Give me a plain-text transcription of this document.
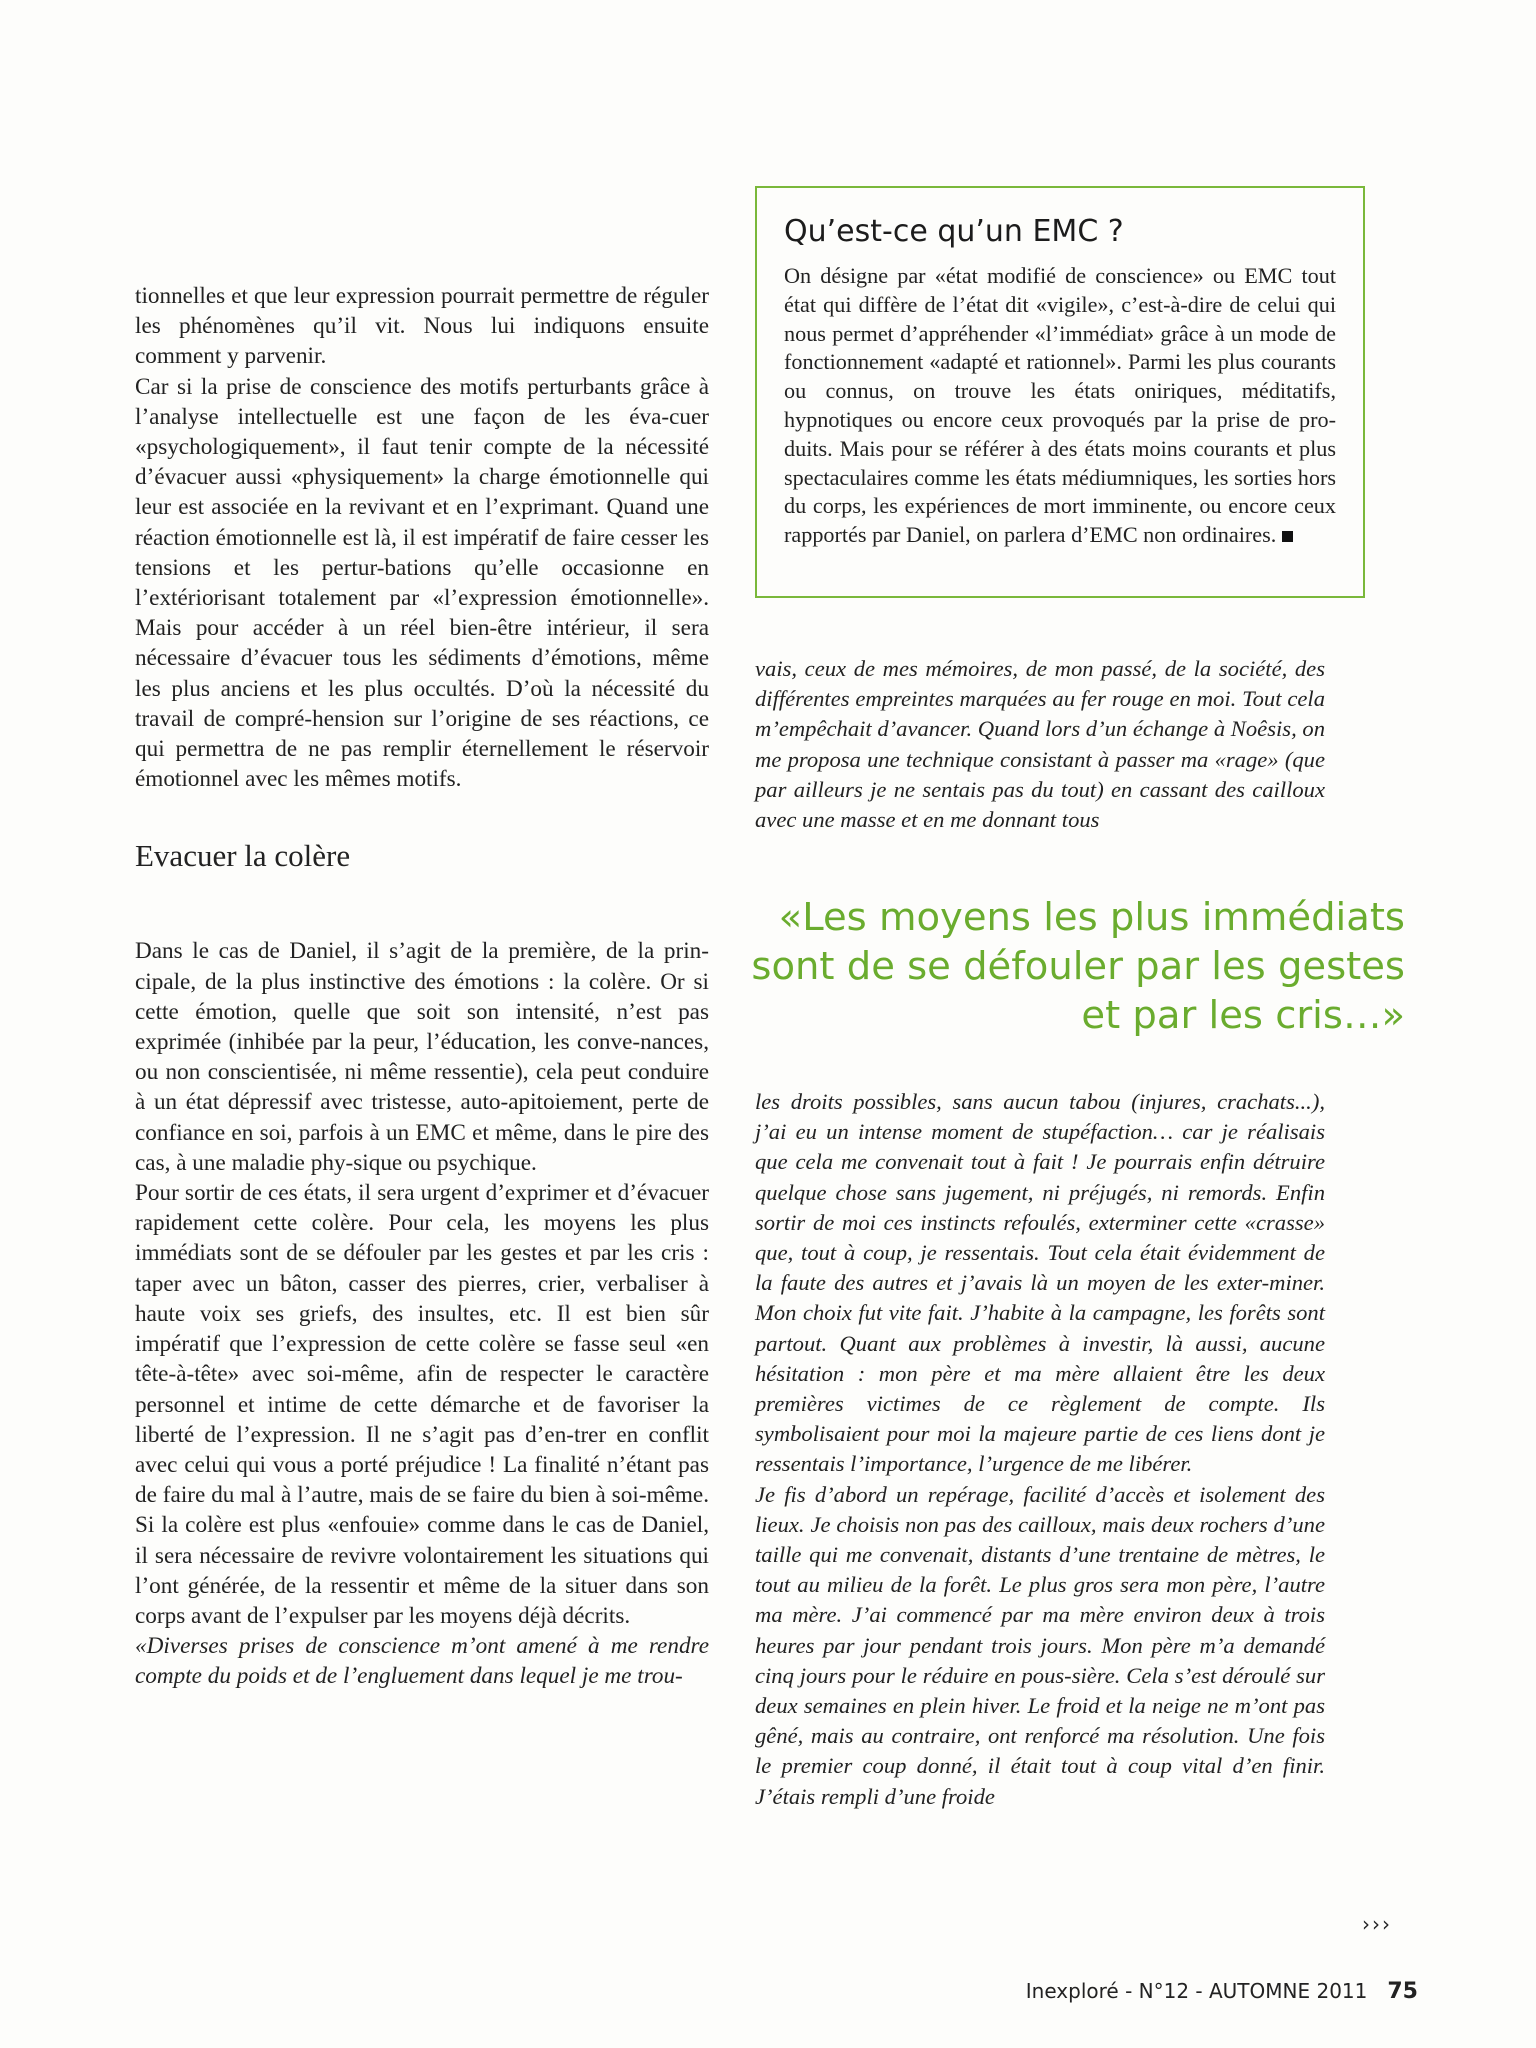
tionnelles et que leur expression pourrait permettre de réguler les phénomènes qu’il vit. Nous lui indiquons ensuite comment y parvenir.

Car si la prise de conscience des motifs perturbants grâce à l’analyse intellectuelle est une façon de les éva-cuer «psychologiquement», il faut tenir compte de la nécessité d’évacuer aussi «physiquement» la charge émotionnelle qui leur est associée en la revivant et en l’exprimant. Quand une réaction émotionnelle est là, il est impératif de faire cesser les tensions et les pertur-bations qu’elle occasionne en l’extériorisant totalement par «l’expression émotionnelle». Mais pour accéder à un réel bien-être intérieur, il sera nécessaire d’évacuer tous les sédiments d’émotions, même les plus anciens et les plus occultés. D’où la nécessité du travail de compré-hension sur l’origine de ses réactions, ce qui permettra de ne pas remplir éternellement le réservoir émotionnel avec les mêmes motifs.

Evacuer la colère

Dans le cas de Daniel, il s’agit de la première, de la prin-cipale, de la plus instinctive des émotions : la colère. Or si cette émotion, quelle que soit son intensité, n’est pas exprimée (inhibée par la peur, l’éducation, les conve-nances, ou non conscientisée, ni même ressentie), cela peut conduire à un état dépressif avec tristesse, auto-apitoiement, perte de confiance en soi, parfois à un EMC et même, dans le pire des cas, à une maladie phy-sique ou psychique.

Pour sortir de ces états, il sera urgent d’exprimer et d’évacuer rapidement cette colère. Pour cela, les moyens les plus immédiats sont de se défouler par les gestes et par les cris : taper avec un bâton, casser des pierres, crier, verbaliser à haute voix ses griefs, des insultes, etc. Il est bien sûr impératif que l’expression de cette colère se fasse seul «en tête-à-tête» avec soi-même, afin de respecter le caractère personnel et intime de cette démarche et de favoriser la liberté de l’expression. Il ne s’agit pas d’en-trer en conflit avec celui qui vous a porté préjudice ! La finalité n’étant pas de faire du mal à l’autre, mais de se faire du bien à soi-même. Si la colère est plus «enfouie» comme dans le cas de Daniel, il sera nécessaire de revivre volontairement les situations qui l’ont générée, de la ressentir et même de la situer dans son corps avant de l’expulser par les moyens déjà décrits.

«Diverses prises de conscience m’ont amené à me rendre compte du poids et de l’engluement dans lequel je me trou-

Qu’est-ce qu’un EMC ?

On désigne par «état modifié de conscience» ou EMC tout état qui diffère de l’état dit «vigile», c’est-à-dire de celui qui nous permet d’appréhender «l’immédiat» grâce à un mode de fonctionnement «adapté et rationnel». Parmi les plus courants ou connus, on trouve les états oniriques, méditatifs, hypnotiques ou encore ceux provoqués par la prise de pro-duits. Mais pour se référer à des états moins courants et plus spectaculaires comme les états médiumniques, les sorties hors du corps, les expériences de mort imminente, ou encore ceux rapportés par Daniel, on parlera d’EMC non ordinaires.

vais, ceux de mes mémoires, de mon passé, de la société, des différentes empreintes marquées au fer rouge en moi. Tout cela m’empêchait d’avancer. Quand lors d’un échange à Noêsis, on me proposa une technique consistant à passer ma «rage» (que par ailleurs je ne sentais pas du tout) en cassant des cailloux avec une masse et en me donnant tous

«Les moyens les plus immédiats sont de se défouler par les gestes et par les cris…»

les droits possibles, sans aucun tabou (injures, crachats...), j’ai eu un intense moment de stupéfaction… car je réalisais que cela me convenait tout à fait ! Je pourrais enfin détruire quelque chose sans jugement, ni préjugés, ni remords. Enfin sortir de moi ces instincts refoulés, exterminer cette «crasse» que, tout à coup, je ressentais. Tout cela était évidemment de la faute des autres et j’avais là un moyen de les exter-miner. Mon choix fut vite fait. J’habite à la campagne, les forêts sont partout. Quant aux problèmes à investir, là aussi, aucune hésitation : mon père et ma mère allaient être les deux premières victimes de ce règlement de compte. Ils symbolisaient pour moi la majeure partie de ces liens dont je ressentais l’importance, l’urgence de me libérer.

Je fis d’abord un repérage, facilité d’accès et isolement des lieux. Je choisis non pas des cailloux, mais deux rochers d’une taille qui me convenait, distants d’une trentaine de mètres, le tout au milieu de la forêt. Le plus gros sera mon père, l’autre ma mère. J’ai commencé par ma mère environ deux à trois heures par jour pendant trois jours. Mon père m’a demandé cinq jours pour le réduire en pous-sière. Cela s’est déroulé sur deux semaines en plein hiver. Le froid et la neige ne m’ont pas gêné, mais au contraire, ont renforcé ma résolution. Une fois le premier coup donné, il était tout à coup vital d’en finir. J’étais rempli d’une froide

›››
Inexploré - N°12 - AUTOMNE 2011 75
